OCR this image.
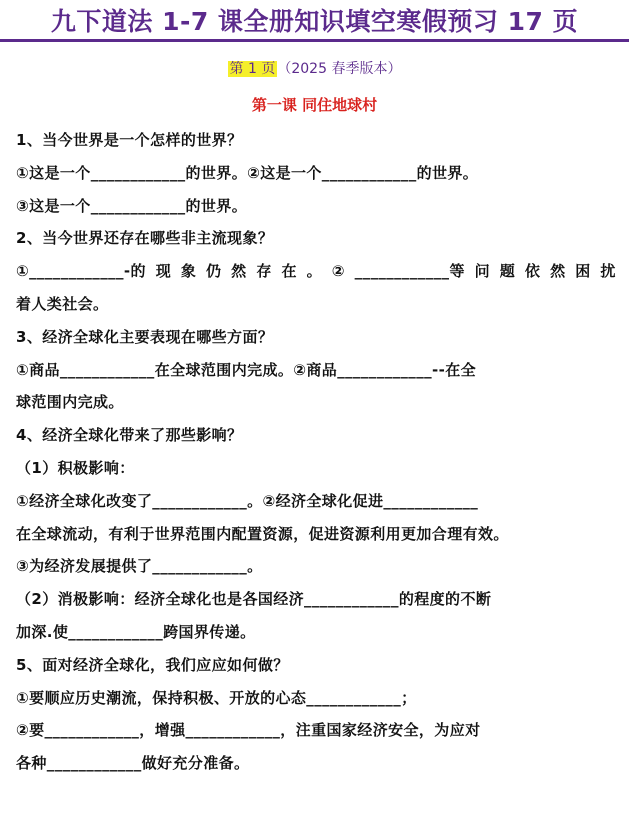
九下道法 1-7 课全册知识填空寒假预习 17 页
第 1 页 （2025 春季版本）
第一课 同住地球村
1、当今世界是一个怎样的世界？
①这是一个____________的世界。②这是一个____________的世界。
③这是一个____________的世界。
2、当今世界还存在哪些非主流现象？
①____________-的 现 象 仍 然 存 在 。 ② ____________等 问 题 依 然 困 扰
着人类社会。
3、经济全球化主要表现在哪些方面？
①商品____________在全球范围内完成。②商品____________--在全
球范围内完成。
4、经济全球化带来了那些影响？
（1）积极影响：
①经济全球化改变了____________。②经济全球化促进____________
在全球流动，有利于世界范围内配置资源，促进资源利用更加合理有效。
③为经济发展提供了____________。
（2）消极影响：经济全球化也是各国经济____________的程度的不断
加深.使____________跨国界传递。
5、面对经济全球化，我们应应如何做？
①要顺应历史潮流，保持积极、开放的心态____________；
②要____________，增强____________，注重国家经济安全，为应对
各种____________做好充分准备。
